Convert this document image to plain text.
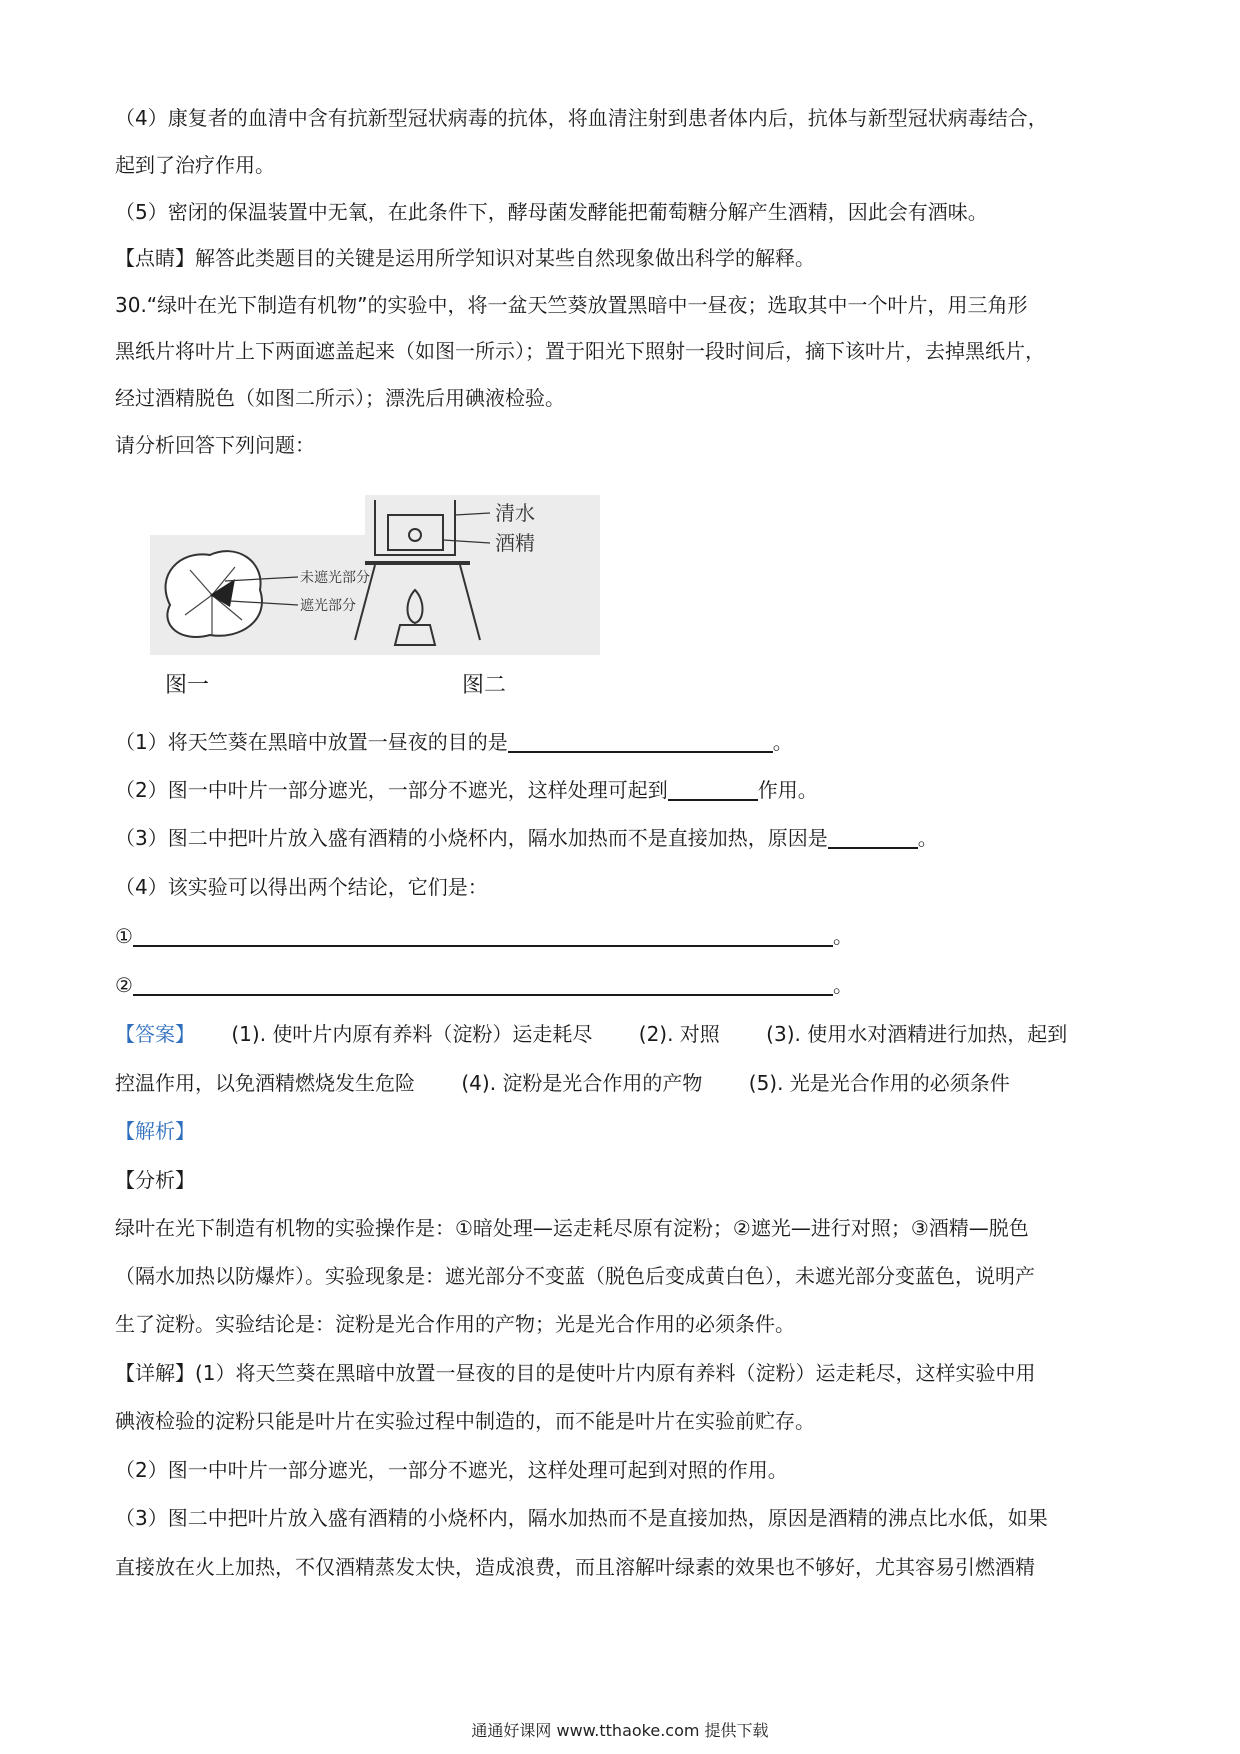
（4）康复者的血清中含有抗新型冠状病毒的抗体，将血清注射到患者体内后，抗体与新型冠状病毒结合，
起到了治疗作用。
（5）密闭的保温装置中无氧，在此条件下，酵母菌发酵能把葡萄糖分解产生酒精，因此会有酒味。
【点睛】解答此类题目的关键是运用所学知识对某些自然现象做出科学的解释。
30.“绿叶在光下制造有机物”的实验中，将一盆天竺葵放置黑暗中一昼夜；选取其中一个叶片，用三角形
黑纸片将叶片上下两面遮盖起来（如图一所示）；置于阳光下照射一段时间后，摘下该叶片，去掉黑纸片，
经过酒精脱色（如图二所示）；漂洗后用碘液检验。
请分析回答下列问题：
未遮光部分
遮光部分
清水
酒精
图一	图二
（1）将天竺葵在黑暗中放置一昼夜的目的是	。
（2）图一中叶片一部分遮光，一部分不遮光，这样处理可起到	作用。
（3）图二中把叶片放入盛有酒精的小烧杯内，隔水加热而不是直接加热，原因是	。
（4）该实验可以得出两个结论，它们是：
①	。
②	。
【答案】 (1). 使叶片内原有养料（淀粉）运走耗尽 (2). 对照 (3). 使用水对酒精进行加热，起到
控温作用，以免酒精燃烧发生危险 (4). 淀粉是光合作用的产物 (5). 光是光合作用的必须条件
【解析】
【分析】
绿叶在光下制造有机物的实验操作是：①暗处理—运走耗尽原有淀粉；②遮光—进行对照；③酒精—脱色
（隔水加热以防爆炸）。实验现象是：遮光部分不变蓝（脱色后变成黄白色），未遮光部分变蓝色，说明产
生了淀粉。实验结论是：淀粉是光合作用的产物；光是光合作用的必须条件。
【详解】(1）将天竺葵在黑暗中放置一昼夜的目的是使叶片内原有养料（淀粉）运走耗尽，这样实验中用
碘液检验的淀粉只能是叶片在实验过程中制造的，而不能是叶片在实验前贮存。
（2）图一中叶片一部分遮光，一部分不遮光，这样处理可起到对照的作用。
（3）图二中把叶片放入盛有酒精的小烧杯内，隔水加热而不是直接加热，原因是酒精的沸点比水低，如果
直接放在火上加热，不仅酒精蒸发太快，造成浪费，而且溶解叶绿素的效果也不够好，尤其容易引燃酒精
通通好课网 www.tthaoke.com 提供下载
